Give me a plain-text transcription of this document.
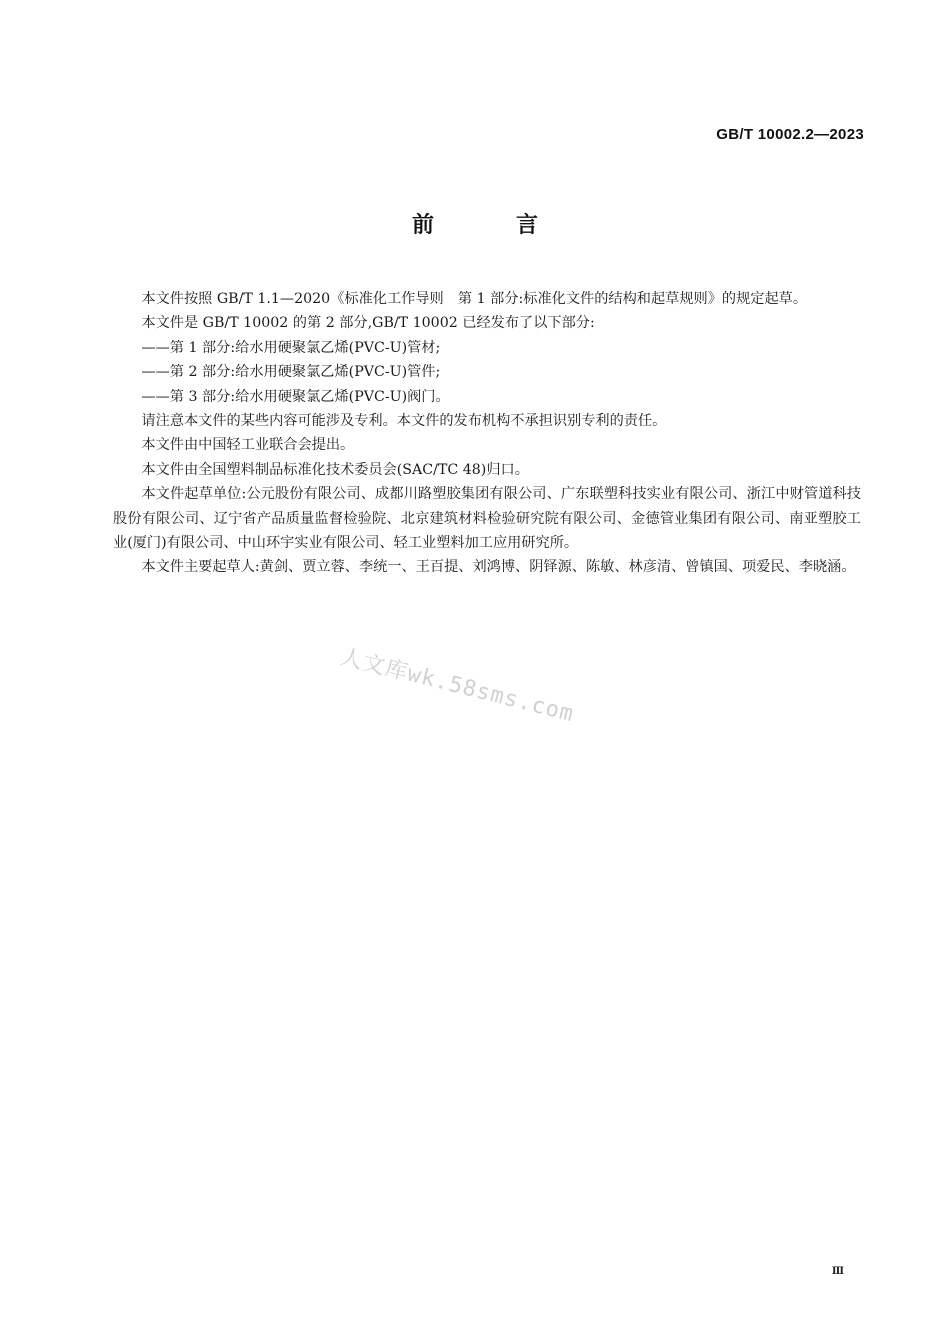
GB/T 10002.2—2023
前　言

本文件按照 GB/T 1.1—2020《标准化工作导则　第 1 部分:标准化文件的结构和起草规则》的规定起草。

本文件是 GB/T 10002 的第 2 部分,GB/T 10002 已经发布了以下部分:

——第 1 部分:给水用硬聚氯乙烯(PVC-U)管材;

——第 2 部分:给水用硬聚氯乙烯(PVC-U)管件;

——第 3 部分:给水用硬聚氯乙烯(PVC-U)阀门。

请注意本文件的某些内容可能涉及专利。本文件的发布机构不承担识别专利的责任。

本文件由中国轻工业联合会提出。

本文件由全国塑料制品标准化技术委员会(SAC/TC 48)归口。

本文件起草单位:公元股份有限公司、成都川路塑胶集团有限公司、广东联塑科技实业有限公司、浙江中财管道科技股份有限公司、辽宁省产品质量监督检验院、北京建筑材料检验研究院有限公司、金德管业集团有限公司、南亚塑胶工业(厦门)有限公司、中山环宇实业有限公司、轻工业塑料加工应用研究所。

本文件主要起草人:黄剑、贾立蓉、李统一、王百提、刘鸿博、阴铎源、陈敏、林彦清、曾镇国、项爱民、李晓涵。

人文库wk.58sms.com
Ⅲ
